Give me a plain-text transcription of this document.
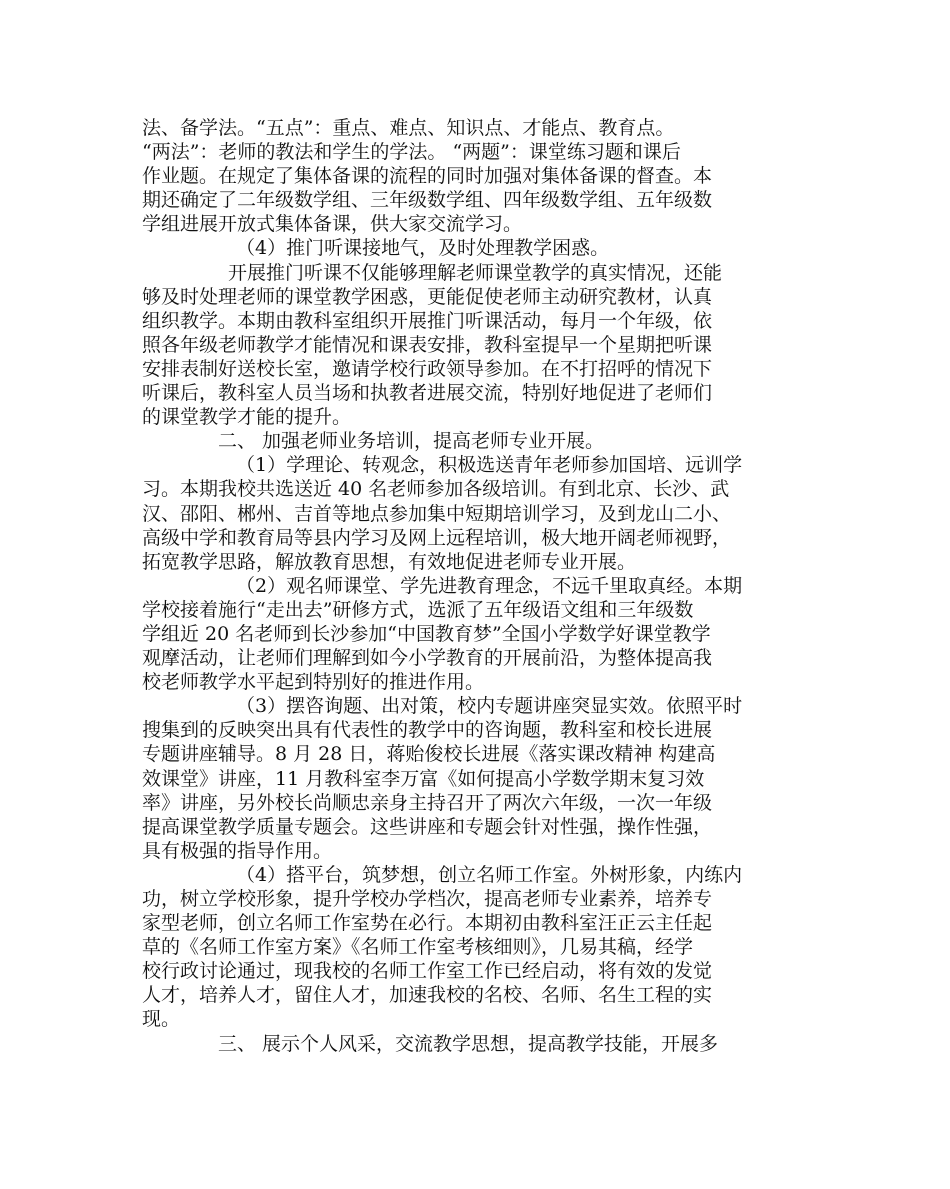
法、备学法。“五点”：重点、难点、知识点、才能点、教育点。
“两法”：老师的教法和学生的学法。 “两题”：课堂练习题和课后
作业题。在规定了集体备课的流程的同时加强对集体备课的督查。本
期还确定了二年级数学组、三年级数学组、四年级数学组、五年级数
学组进展开放式集体备课，供大家交流学习。
（4）推门听课接地气，及时处理教学困惑。
开展推门听课不仅能够理解老师课堂教学的真实情况，还能
够及时处理老师的课堂教学困惑，更能促使老师主动研究教材，认真
组织教学。本期由教科室组织开展推门听课活动，每月一个年级，依
照各年级老师教学才能情况和课表安排，教科室提早一个星期把听课
安排表制好送校长室，邀请学校行政领导参加。在不打招呼的情况下
听课后，教科室人员当场和执教者进展交流，特别好地促进了老师们
的课堂教学才能的提升。
二、 加强老师业务培训，提高老师专业开展。
（1）学理论、转观念，积极选送青年老师参加国培、远训学
习。本期我校共选送近 40 名老师参加各级培训。有到北京、长沙、武
汉、邵阳、郴州、吉首等地点参加集中短期培训学习，及到龙山二小、
高级中学和教育局等县内学习及网上远程培训，极大地开阔老师视野，
拓宽教学思路，解放教育思想，有效地促进老师专业开展。
（2）观名师课堂、学先进教育理念，不远千里取真经。本期
学校接着施行“走出去”研修方式，选派了五年级语文组和三年级数
学组近 20 名老师到长沙参加“中国教育梦”全国小学数学好课堂教学
观摩活动，让老师们理解到如今小学教育的开展前沿，为整体提高我
校老师教学水平起到特别好的推进作用。
（3）摆咨询题、出对策，校内专题讲座突显实效。依照平时
搜集到的反映突出具有代表性的教学中的咨询题，教科室和校长进展
专题讲座辅导。8 月 28 日，蒋贻俊校长进展《落实课改精神 构建高
效课堂》讲座，11 月教科室李万富《如何提高小学数学期末复习效
率》讲座，另外校长尚顺忠亲身主持召开了两次六年级，一次一年级
提高课堂教学质量专题会。这些讲座和专题会针对性强，操作性强，
具有极强的指导作用。
（4）搭平台，筑梦想，创立名师工作室。外树形象，内练内
功，树立学校形象，提升学校办学档次，提高老师专业素养，培养专
家型老师，创立名师工作室势在必行。本期初由教科室汪正云主任起
草的《名师工作室方案》《名师工作室考核细则》，几易其稿，经学
校行政讨论通过，现我校的名师工作室工作已经启动，将有效的发觉
人才，培养人才，留住人才，加速我校的名校、名师、名生工程的实
现。
三、 展示个人风采，交流教学思想，提高教学技能，开展多
